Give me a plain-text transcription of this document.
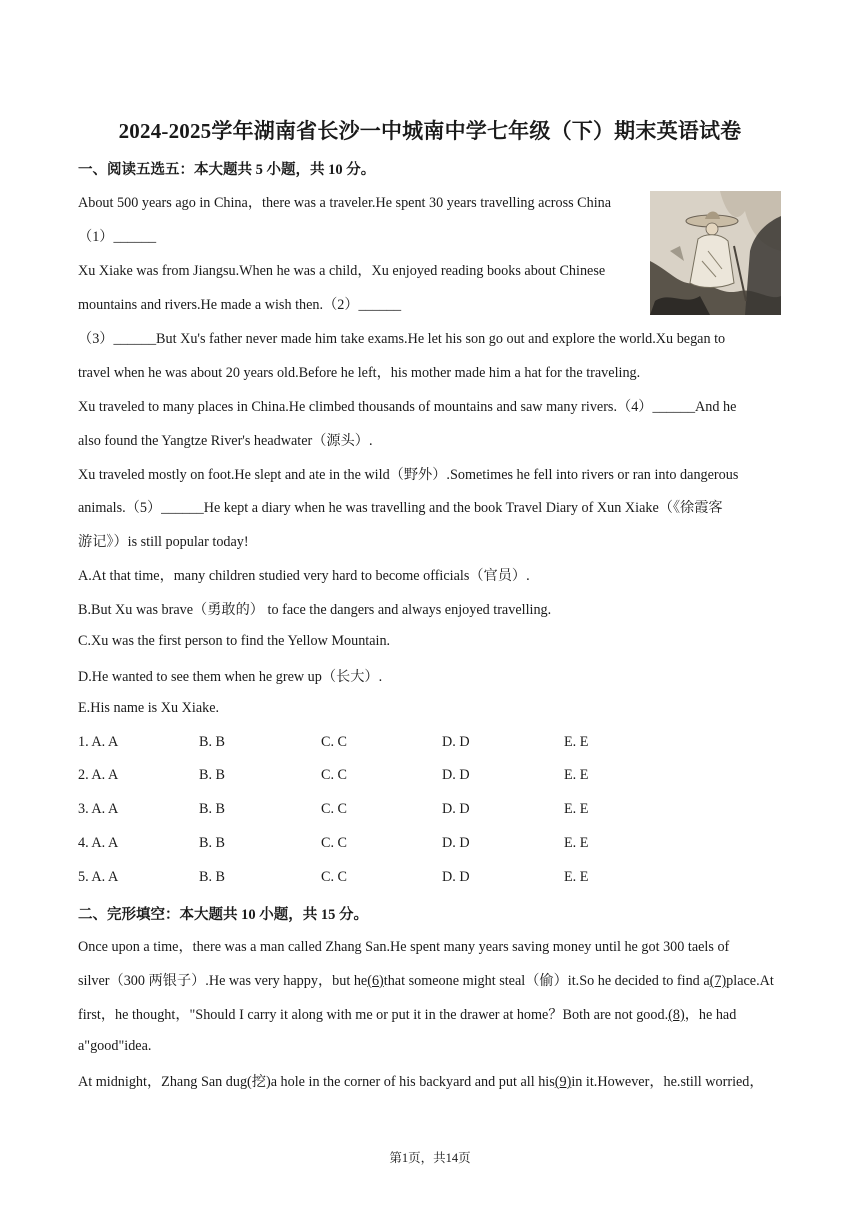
2024-2025学年湖南省长沙一中城南中学七年级（下）期末英语试卷
一、阅读五选五：本大题共 5 小题，共 10 分。
About 500 years ago in China，there was a traveler.He spent 30 years travelling across China
（1）______
Xu Xiake was from Jiangsu.When he was a child，Xu enjoyed reading books about Chinese
mountains and rivers.He made a wish then.（2）______
（3）______But Xu's father never made him take exams.He let his son go out and explore the world.Xu began to
travel when he was about 20 years old.Before he left，his mother made him a hat for the traveling.
Xu traveled to many places in China.He climbed thousands of mountains and saw many rivers.（4）______And he
also found the Yangtze River's headwater（源头）.
Xu traveled mostly on foot.He slept and ate in the wild（野外）.Sometimes he fell into rivers or ran into dangerous
animals.（5）______He kept a diary when he was travelling and the book Travel Diary of Xun Xiake（《徐霞客
游记》）is still popular today!
A.At that time，many children studied very hard to become officials（官员）.
B.But Xu was brave（勇敢的） to face the dangers and always enjoyed travelling.
C.Xu was the first person to find the Yellow Mountain.
D.He wanted to see them when he grew up（长大）.
E.His name is Xu Xiake.
1. A. A	B. B	C. C	D. D	E. E
2. A. A	B. B	C. C	D. D	E. E
3. A. A	B. B	C. C	D. D	E. E
4. A. A	B. B	C. C	D. D	E. E
5. A. A	B. B	C. C	D. D	E. E
二、完形填空：本大题共 10 小题，共 15 分。
Once upon a time，there was a man called Zhang San.He spent many years saving money until he got 300 taels of
silver（300 两银子）.He was very happy，but he(6)that someone might steal（偷）it.So he decided to find a(7)place.At
first，he thought，"Should I carry it along with me or put it in the drawer at home？Both are not good.(8)，he had
a"good"idea.
At midnight，Zhang San dug(挖)a hole in the corner of his backyard and put all his(9)in it.However，he.still worried，
第1页，共14页
